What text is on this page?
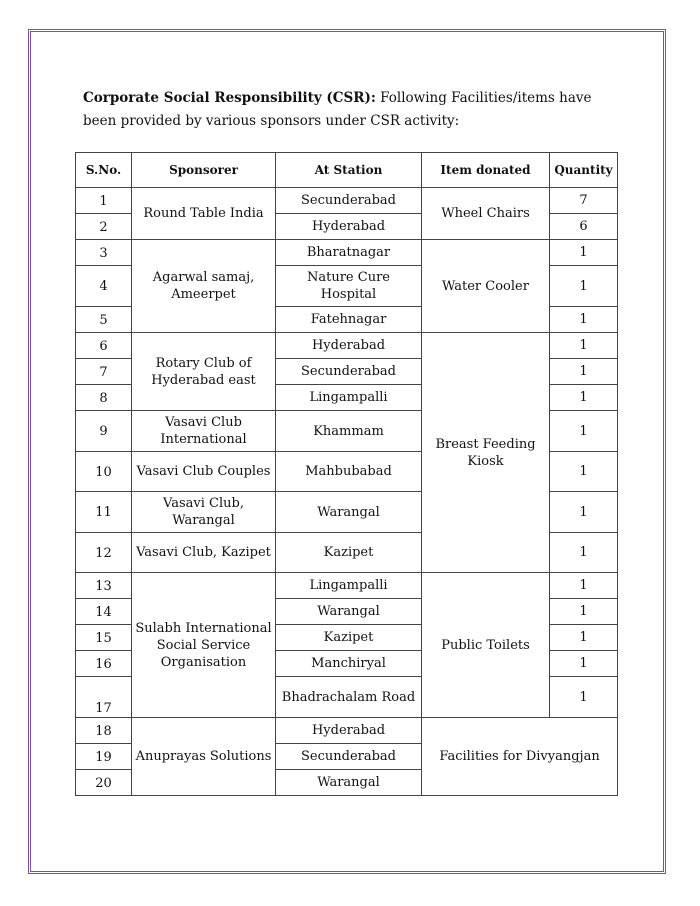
Corporate Social Responsibility (CSR): Following Facilities/items have
been provided by various sponsors under CSR activity:
S.No.	Sponsorer	At Station	Item donated	Quantity
1	Round Table India	Secunderabad	Wheel Chairs	7
2		Hyderabad		6
3	Agarwal samaj, Ameerpet	Bharatnagar	Water Cooler	1
4		Nature Cure Hospital		1
5		Fatehnagar		1
6	Rotary Club of Hyderabad east	Hyderabad	Breast Feeding Kiosk	1
7		Secunderabad		1
8		Lingampalli		1
9	Vasavi Club International	Khammam		1
10	Vasavi Club Couples	Mahbubabad		1
11	Vasavi Club, Warangal	Warangal		1
12	Vasavi Club, Kazipet	Kazipet		1
13	Sulabh International Social Service Organisation	Lingampalli	Public Toilets	1
14		Warangal		1
15		Kazipet		1
16		Manchiryal		1
17		Bhadrachalam Road		1
18	Anuprayas Solutions	Hyderabad	Facilities for Divyangjan	
19		Secunderabad		
20		Warangal		
